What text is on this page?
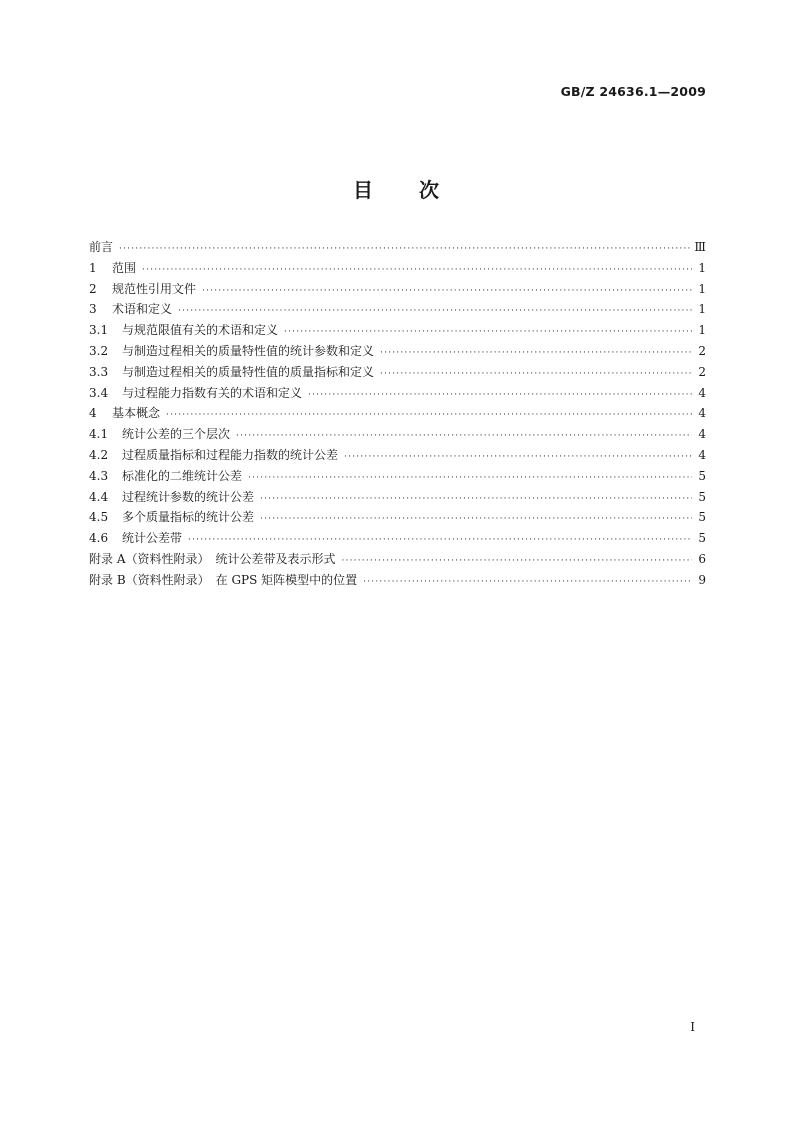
GB/Z 24636.1—2009
目 次
前言 ·····	Ⅲ
1 范围 ·····	1
2 规范性引用文件 ·····	1
3 术语和定义 ·····	1
3.1 与规范限值有关的术语和定义 ·····	1
3.2 与制造过程相关的质量特性值的统计参数和定义 ·····	2
3.3 与制造过程相关的质量特性值的质量指标和定义 ·····	2
3.4 与过程能力指数有关的术语和定义 ·····	4
4 基本概念 ·····	4
4.1 统计公差的三个层次 ·····	4
4.2 过程质量指标和过程能力指数的统计公差 ·····	4
4.3 标准化的二维统计公差 ·····	5
4.4 过程统计参数的统计公差 ·····	5
4.5 多个质量指标的统计公差 ·····	5
4.6 统计公差带 ·····	5
附录 A（资料性附录）　统计公差带及表示形式 ·····	6
附录 B（资料性附录）　在 GPS 矩阵模型中的位置 ·····	9
Ⅰ
